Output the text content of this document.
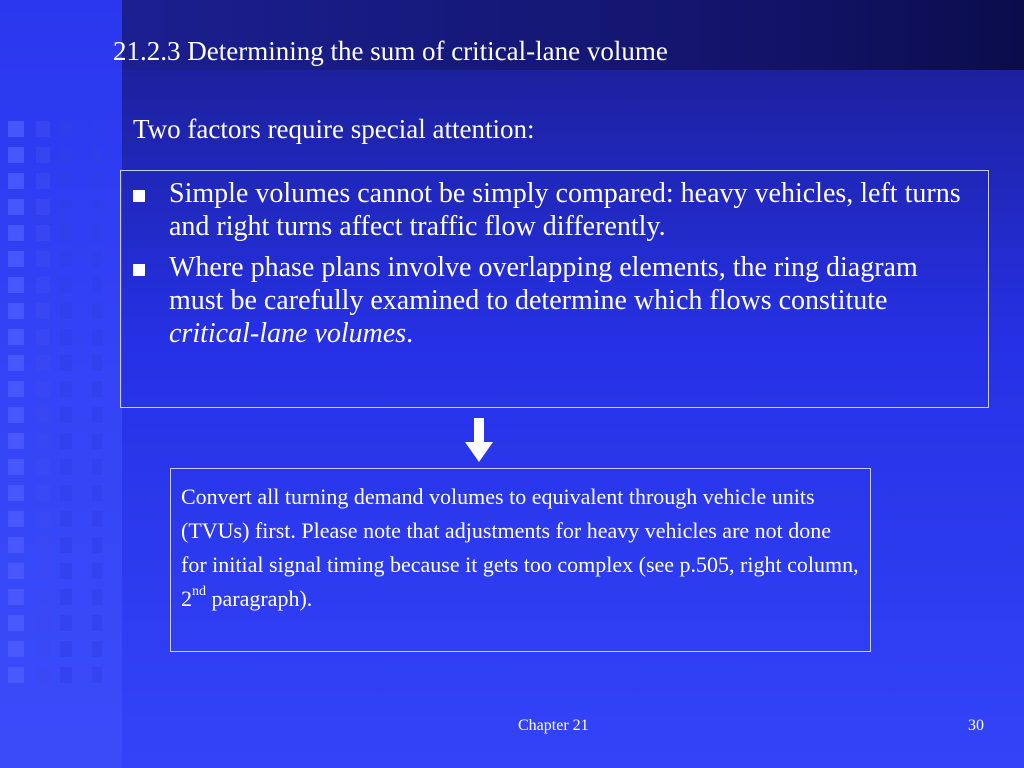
21.2.3 Determining the sum of critical-lane volume
Two factors require special attention:
Simple volumes cannot be simply compared: heavy vehicles, left turns and right turns affect traffic flow differently.
Where phase plans involve overlapping elements, the ring diagram must be carefully examined to determine which flows constitute critical-lane volumes.
Convert all turning demand volumes to equivalent through vehicle units (TVUs) first. Please note that adjustments for heavy vehicles are not done for initial signal timing because it gets too complex (see p.505, right column, 2nd paragraph).
Chapter 21	30
